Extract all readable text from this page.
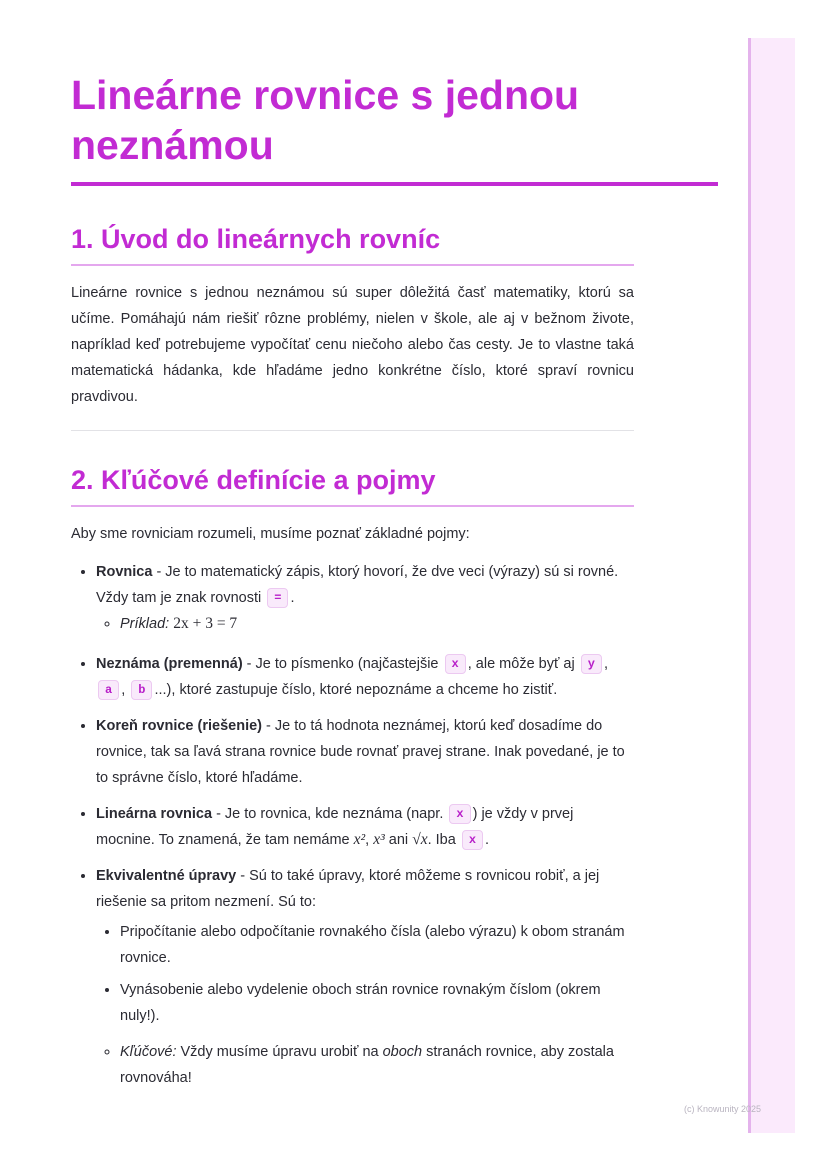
Lineárne rovnice s jednou neznámou
1. Úvod do lineárnych rovníc

Lineárne rovnice s jednou neznámou sú super dôležitá časť matematiky, ktorú sa učíme. Pomáhajú nám riešiť rôzne problémy, nielen v škole, ale aj v bežnom živote, napríklad keď potrebujeme vypočítať cenu niečoho alebo čas cesty. Je to vlastne taká matematická hádanka, kde hľadáme jedno konkrétne číslo, ktoré spraví rovnicu pravdivou.

2. Kľúčové definície a pojmy

Aby sme rovniciam rozumeli, musíme poznať základné pojmy:

• Rovnica - Je to matematický zápis, ktorý hovorí, že dve veci (výrazy) sú si rovné. Vždy tam je znak rovnosti = .
◦ Príklad: 2x + 3 = 7
• Neznáma (premenná) - Je to písmenko (najčastejšie x , ale môže byť aj y , a , b ...), ktoré zastupuje číslo, ktoré nepoznáme a chceme ho zistiť.
• Koreň rovnice (riešenie) - Je to tá hodnota neznámej, ktorú keď dosadíme do rovnice, tak sa ľavá strana rovnice bude rovnať pravej strane. Inak povedané, je to to správne číslo, ktoré hľadáme.
• Lineárna rovnica - Je to rovnica, kde neznáma (napr. x ) je vždy v prvej mocnine. To znamená, že tam nemáme x², x³ ani √x. Iba x .
• Ekvivalentné úpravy - Sú to také úpravy, ktoré môžeme s rovnicou robiť, a jej riešenie sa pritom nezmení. Sú to:
• Pripočítanie alebo odpočítanie rovnakého čísla (alebo výrazu) k obom stranám rovnice.
• Vynásobenie alebo vydelenie oboch strán rovnice rovnakým číslom (okrem nuly!).
◦ Kľúčové: Vždy musíme úpravu urobiť na oboch stranách rovnice, aby zostala rovnováha!
(c) Knowunity 2025
